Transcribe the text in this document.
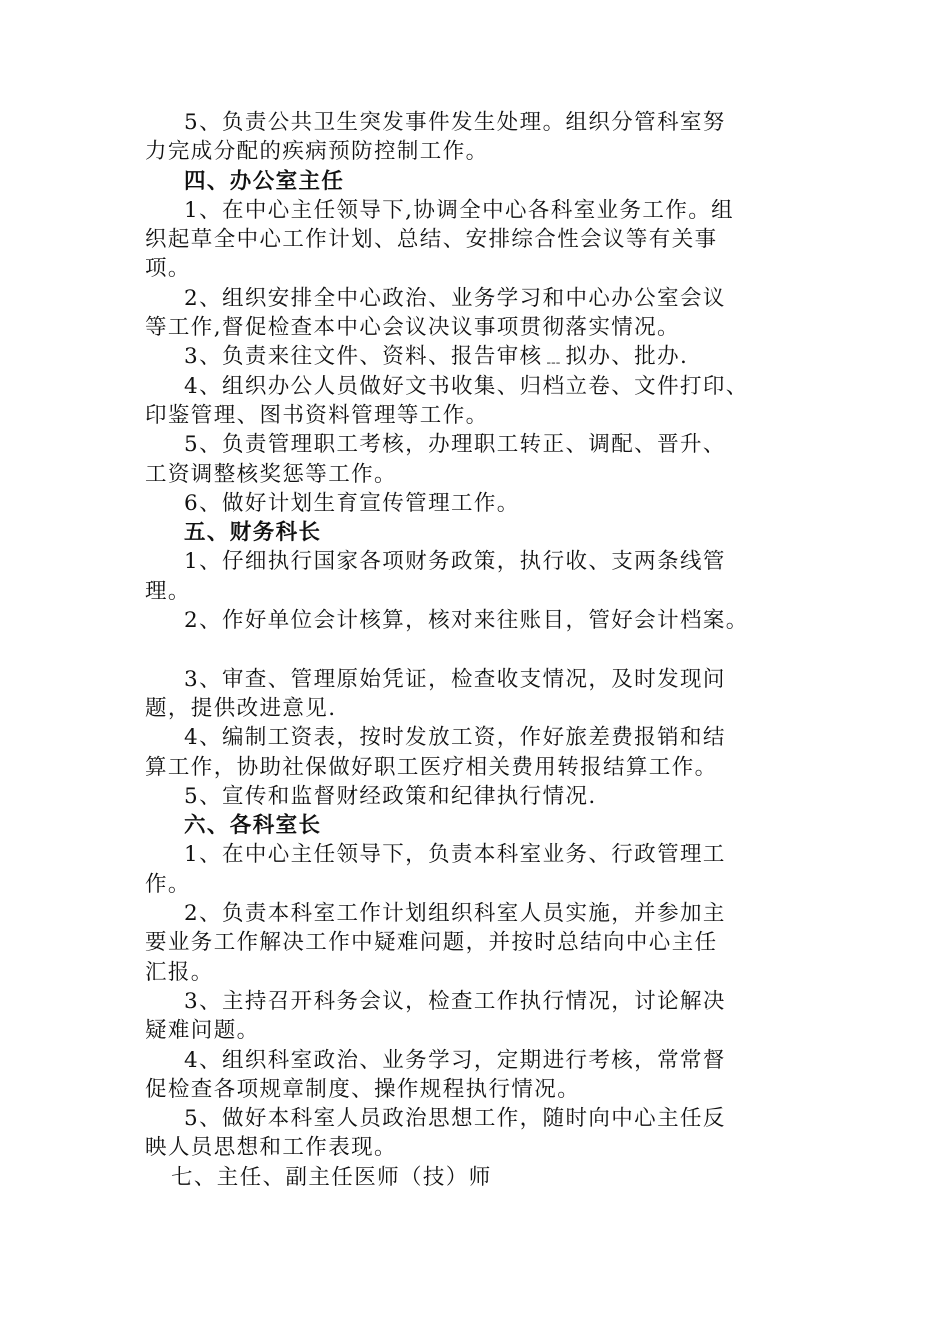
5、负责公共卫生突发事件发生处理。组织分管科室努
力完成分配的疾病预防控制工作。
四、办公室主任
1、在中心主任领导下,协调全中心各科室业务工作。组
织起草全中心工作计划、总结、安排综合性会议等有关事
项。
2、组织安排全中心政治、业务学习和中心办公室会议
等工作,督促检查本中心会议决议事项贯彻落实情况。
3、负责来往文件、资料、报告审核﹍拟办、批办.
4、组织办公人员做好文书收集、归档立卷、文件打印、
印鉴管理、图书资料管理等工作。
5、负责管理职工考核，办理职工转正、调配、晋升、
工资调整核奖惩等工作。
6、做好计划生育宣传管理工作。
五、财务科长
1、仔细执行国家各项财务政策，执行收、支两条线管
理。
2、作好单位会计核算，核对来往账目，管好会计档案。
3、审查、管理原始凭证，检查收支情况，及时发现问
题，提供改进意见.
4、编制工资表，按时发放工资，作好旅差费报销和结
算工作，协助社保做好职工医疗相关费用转报结算工作。
5、宣传和监督财经政策和纪律执行情况.
六、各科室长
1、在中心主任领导下，负责本科室业务、行政管理工
作。
2、负责本科室工作计划组织科室人员实施，并参加主
要业务工作解决工作中疑难问题，并按时总结向中心主任
汇报。
3、主持召开科务会议，检查工作执行情况，讨论解决
疑难问题。
4、组织科室政治、业务学习，定期进行考核，常常督
促检查各项规章制度、操作规程执行情况。
5、做好本科室人员政治思想工作，随时向中心主任反
映人员思想和工作表现。
七、主任、副主任医师（技）师
